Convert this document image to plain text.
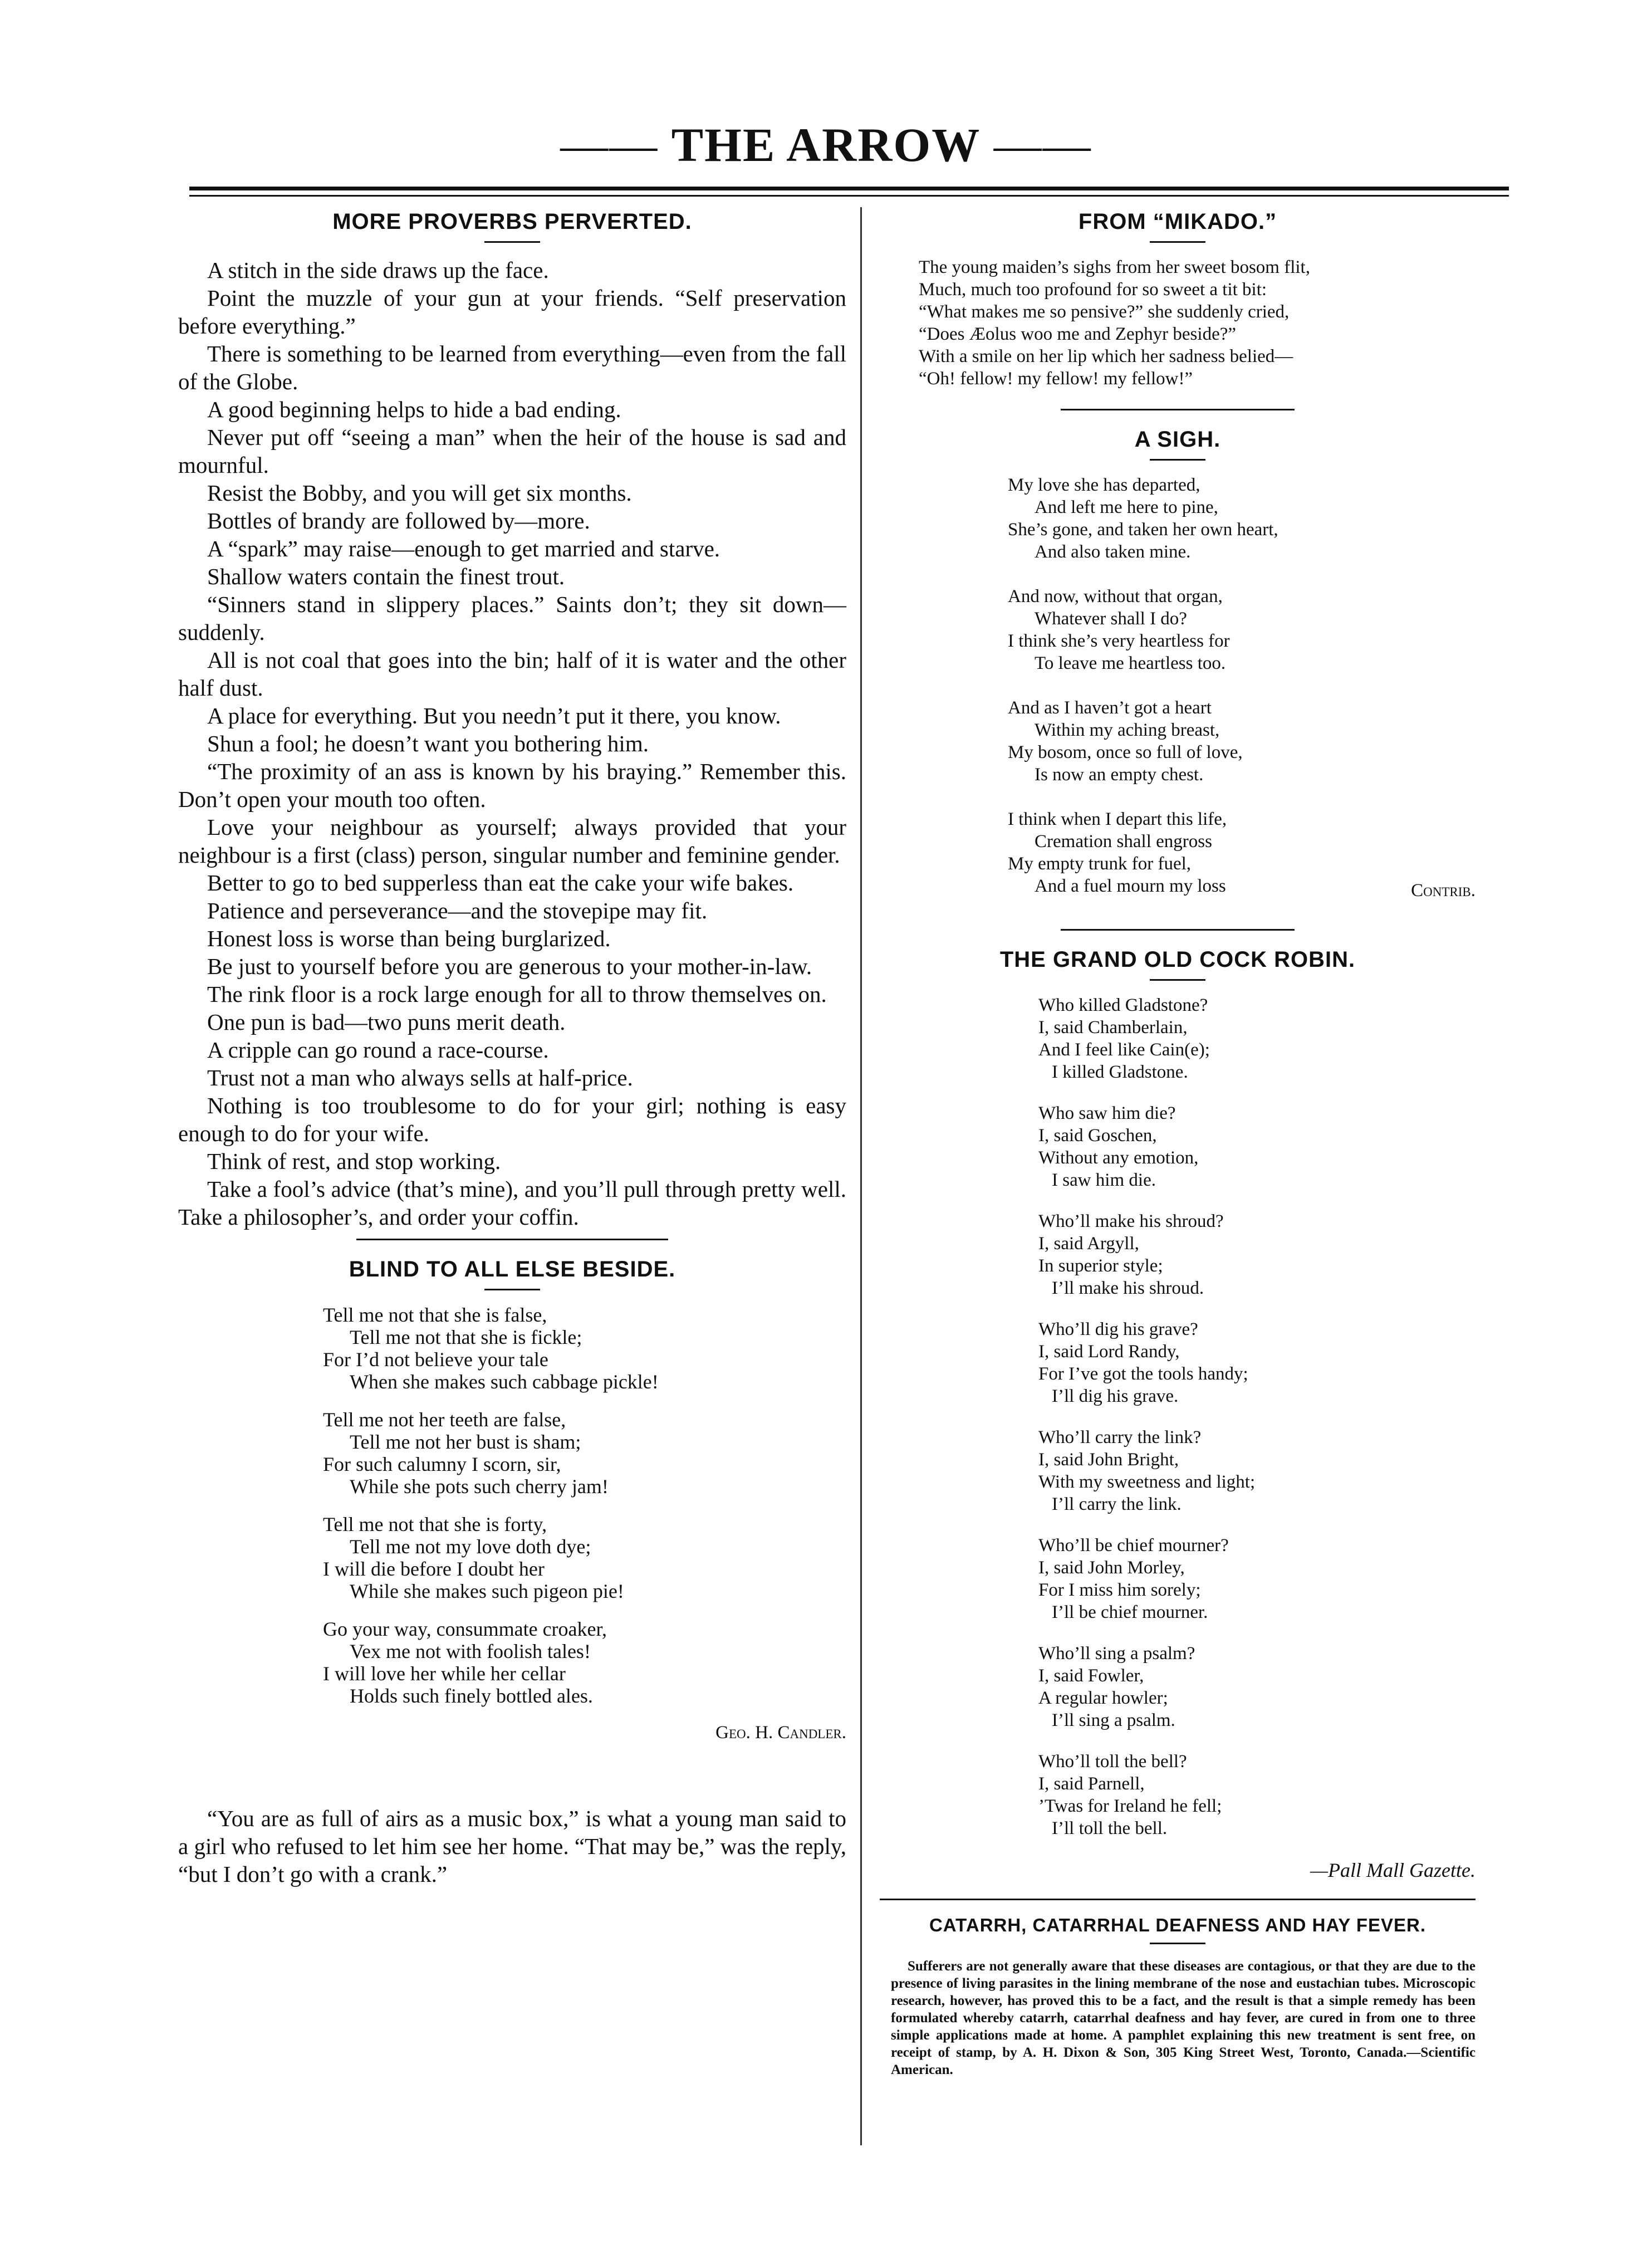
—— THE ARROW ——
MORE PROVERBS PERVERTED.

A stitch in the side draws up the face.

Point the muzzle of your gun at your friends. “Self preservation before everything.”

There is something to be learned from everything—even from the fall of the Globe.

A good beginning helps to hide a bad ending.

Never put off “seeing a man” when the heir of the house is sad and mournful.

Resist the Bobby, and you will get six months.

Bottles of brandy are followed by—more.

A “spark” may raise—enough to get married and starve.

Shallow waters contain the finest trout.

“Sinners stand in slippery places.” Saints don’t; they sit down—suddenly.

All is not coal that goes into the bin; half of it is water and the other half dust.

A place for everything. But you needn’t put it there, you know.

Shun a fool; he doesn’t want you bothering him.

“The proximity of an ass is known by his braying.” Remember this. Don’t open your mouth too often.

Love your neighbour as yourself; always provided that your neighbour is a first (class) person, singular number and feminine gender.

Better to go to bed supperless than eat the cake your wife bakes.

Patience and perseverance—and the stovepipe may fit.

Honest loss is worse than being burglarized.

Be just to yourself before you are generous to your mother-in-law.

The rink floor is a rock large enough for all to throw themselves on.

One pun is bad—two puns merit death.

A cripple can go round a race-course.

Trust not a man who always sells at half-price.

Nothing is too troublesome to do for your girl; nothing is easy enough to do for your wife.

Think of rest, and stop working.

Take a fool’s advice (that’s mine), and you’ll pull through pretty well. Take a philosopher’s, and order your coffin.

BLIND TO ALL ELSE BESIDE.

Tell me not that she is false,

Tell me not that she is fickle;

For I’d not believe your tale

When she makes such cabbage pickle!

Tell me not her teeth are false,

Tell me not her bust is sham;

For such calumny I scorn, sir,

While she pots such cherry jam!

Tell me not that she is forty,

Tell me not my love doth dye;

I will die before I doubt her

While she makes such pigeon pie!

Go your way, consummate croaker,

Vex me not with foolish tales!

I will love her while her cellar

Holds such finely bottled ales.

Geo. H. Candler.

“You are as full of airs as a music box,” is what a young man said to a girl who refused to let him see her home. “That may be,” was the reply, “but I don’t go with a crank.”

FROM “MIKADO.”

The young maiden’s sighs from her sweet bosom flit,

Much, much too profound for so sweet a tit bit:

“What makes me so pensive?” she suddenly cried,

“Does Æolus woo me and Zephyr beside?”

With a smile on her lip which her sadness belied—

“Oh! fellow! my fellow! my fellow!”

A SIGH.

My love she has departed,

And left me here to pine,

She’s gone, and taken her own heart,

And also taken mine.

And now, without that organ,

Whatever shall I do?

I think she’s very heartless for

To leave me heartless too.

And as I haven’t got a heart

Within my aching breast,

My bosom, once so full of love,

Is now an empty chest.

I think when I depart this life,

Cremation shall engross

My empty trunk for fuel,

And a fuel mourn my loss	Contrib.

THE GRAND OLD COCK ROBIN.

Who killed Gladstone?

I, said Chamberlain,

And I feel like Cain(e);

I killed Gladstone.

Who saw him die?

I, said Goschen,

Without any emotion,

I saw him die.

Who’ll make his shroud?

I, said Argyll,

In superior style;

I’ll make his shroud.

Who’ll dig his grave?

I, said Lord Randy,

For I’ve got the tools handy;

I’ll dig his grave.

Who’ll carry the link?

I, said John Bright,

With my sweetness and light;

I’ll carry the link.

Who’ll be chief mourner?

I, said John Morley,

For I miss him sorely;

I’ll be chief mourner.

Who’ll sing a psalm?

I, said Fowler,

A regular howler;

I’ll sing a psalm.

Who’ll toll the bell?

I, said Parnell,

’Twas for Ireland he fell;

I’ll toll the bell.

—Pall Mall Gazette.

CATARRH, CATARRHAL DEAFNESS AND HAY FEVER.

Sufferers are not generally aware that these diseases are contagious, or that they are due to the presence of living parasites in the lining membrane of the nose and eustachian tubes. Microscopic research, however, has proved this to be a fact, and the result is that a simple remedy has been formulated whereby catarrh, catarrhal deafness and hay fever, are cured in from one to three simple applications made at home. A pamphlet explaining this new treatment is sent free, on receipt of stamp, by A. H. Dixon & Son, 305 King Street West, Toronto, Canada.—Scientific American.
